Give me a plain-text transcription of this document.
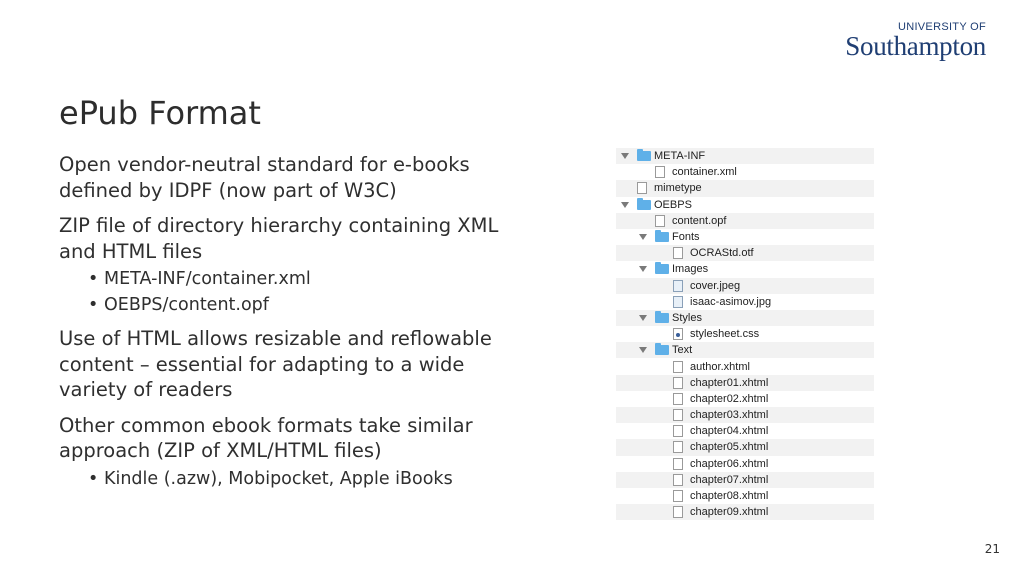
UNIVERSITY OF
Southampton
ePub Format

Open vendor-neutral standard for e-books defined by IDPF (now part of W3C)

ZIP file of directory hierarchy containing XML and HTML files

• META-INF/container.xml
• OEBPS/content.opf

Use of HTML allows resizable and reflowable content – essential for adapting to a wide variety of readers

Other common ebook formats take similar approach (ZIP of XML/HTML files)

• Kindle (.azw), Mobipocket, Apple iBooks
META-INF
container.xml
mimetype
OEBPS
content.opf
Fonts
OCRAStd.otf
Images
cover.jpeg
isaac-asimov.jpg
Styles
stylesheet.css
Text
author.xhtml
chapter01.xhtml
chapter02.xhtml
chapter03.xhtml
chapter04.xhtml
chapter05.xhtml
chapter06.xhtml
chapter07.xhtml
chapter08.xhtml
chapter09.xhtml
21
